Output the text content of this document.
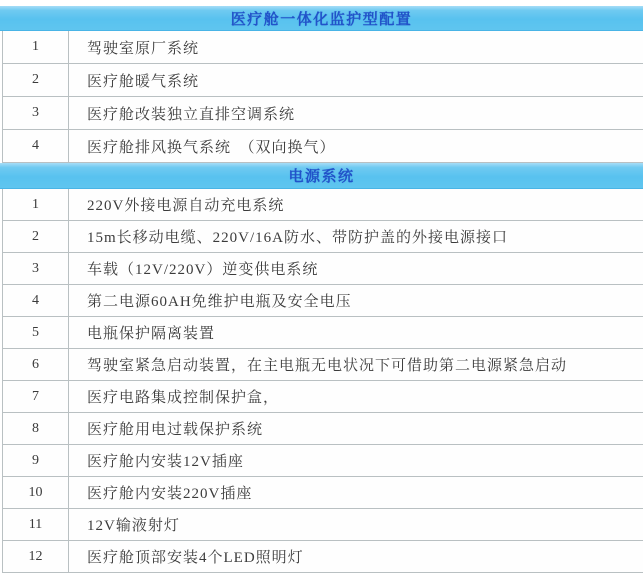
医疗舱一体化监护型配置
1	驾驶室原厂系统
2	医疗舱暖气系统
3	医疗舱改装独立直排空调系统
4	医疗舱排风换气系统　（双向换气）
电源系统
1	220V外接电源自动充电系统
2	15m长移动电缆、220V/16A防水、带防护盖的外接电源接口
3	车载（12V/220V）逆变供电系统
4	第二电源60AH免维护电瓶及安全电压
5	电瓶保护隔离装置
6	驾驶室紧急启动装置，在主电瓶无电状况下可借助第二电源紧急启动
7	医疗电路集成控制保护盒，
8	医疗舱用电过载保护系统
9	医疗舱内安装12V插座
10	医疗舱内安装220V插座
11	12V输液射灯
12	医疗舱顶部安装4个LED照明灯
